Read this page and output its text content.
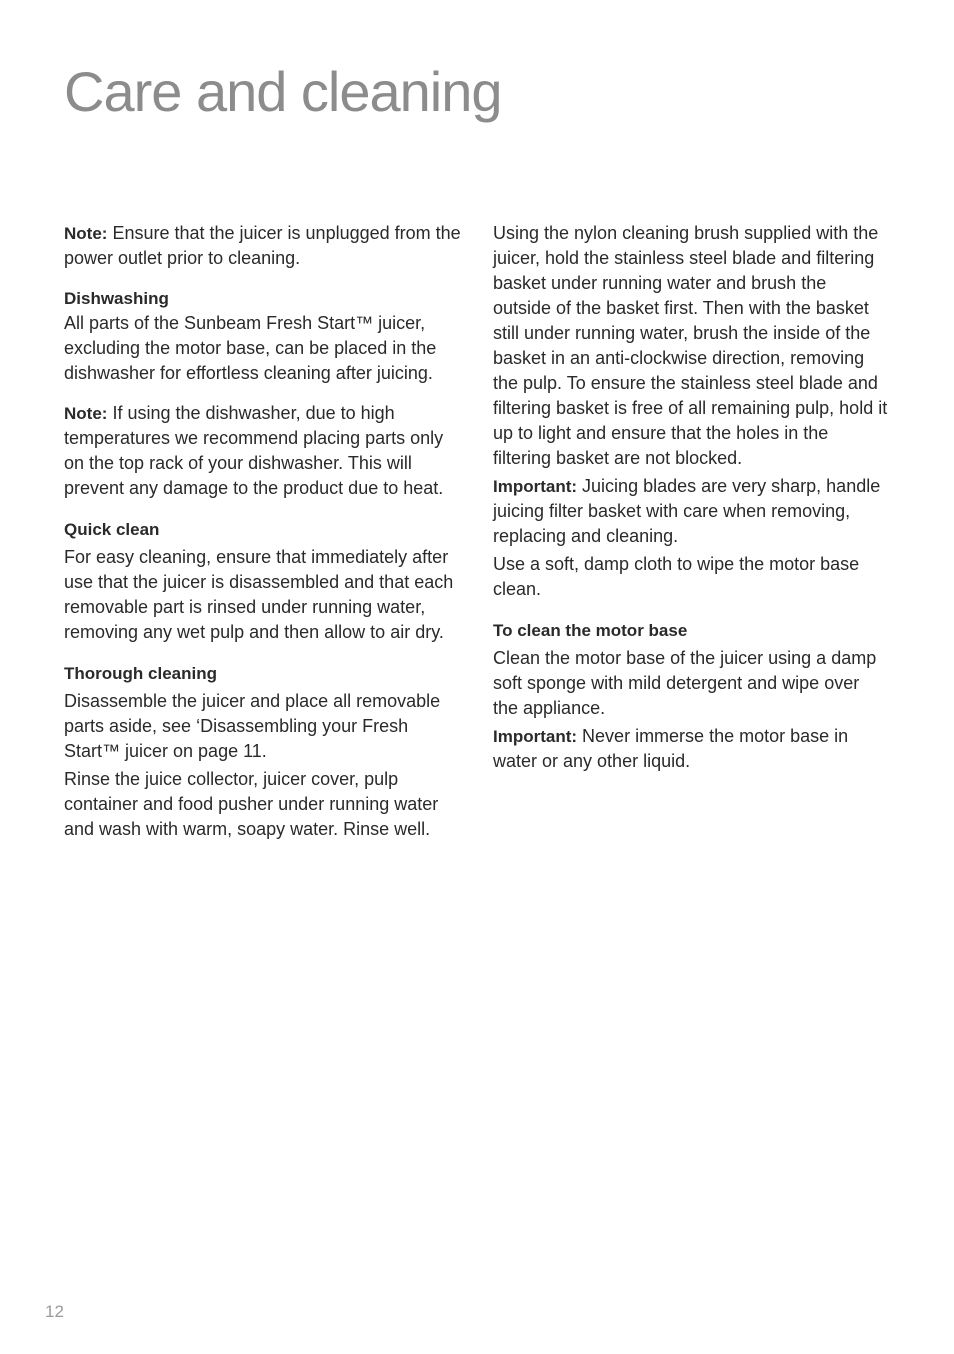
Care and cleaning

Note: Ensure that the juicer is unplugged from the power outlet prior to cleaning.

Dishwashing

All parts of the Sunbeam Fresh Start™ juicer, excluding the motor base, can be placed in the dishwasher for effortless cleaning after juicing.

Note: If using the dishwasher, due to high temperatures we recommend placing parts only on the top rack of your dishwasher. This will prevent any damage to the product due to heat.

Quick clean

For easy cleaning, ensure that immediately after use that the juicer is disassembled and that each removable part is rinsed under running water, removing any wet pulp and then allow to air dry.

Thorough cleaning

Disassemble the juicer and place all removable parts aside, see ‘Disassembling your Fresh Start™ juicer on page 11.

Rinse the juice collector, juicer cover, pulp container and food pusher under running water and wash with warm, soapy water. Rinse well.

Using the nylon cleaning brush supplied with the juicer, hold the stainless steel blade and filtering basket under running water and brush the outside of the basket first. Then with the basket still under running water, brush the inside of the basket in an anti-clockwise direction, removing the pulp. To ensure the stainless steel blade and filtering basket is free of all remaining pulp, hold it up to light and ensure that the holes in the filtering basket are not blocked.

Important: Juicing blades are very sharp, handle juicing filter basket with care when removing, replacing and cleaning.

Use a soft, damp cloth to wipe the motor base clean.

To clean the motor base

Clean the motor base of the juicer using a damp soft sponge with mild detergent and wipe over the appliance.

Important: Never immerse the motor base in water or any other liquid.

12
